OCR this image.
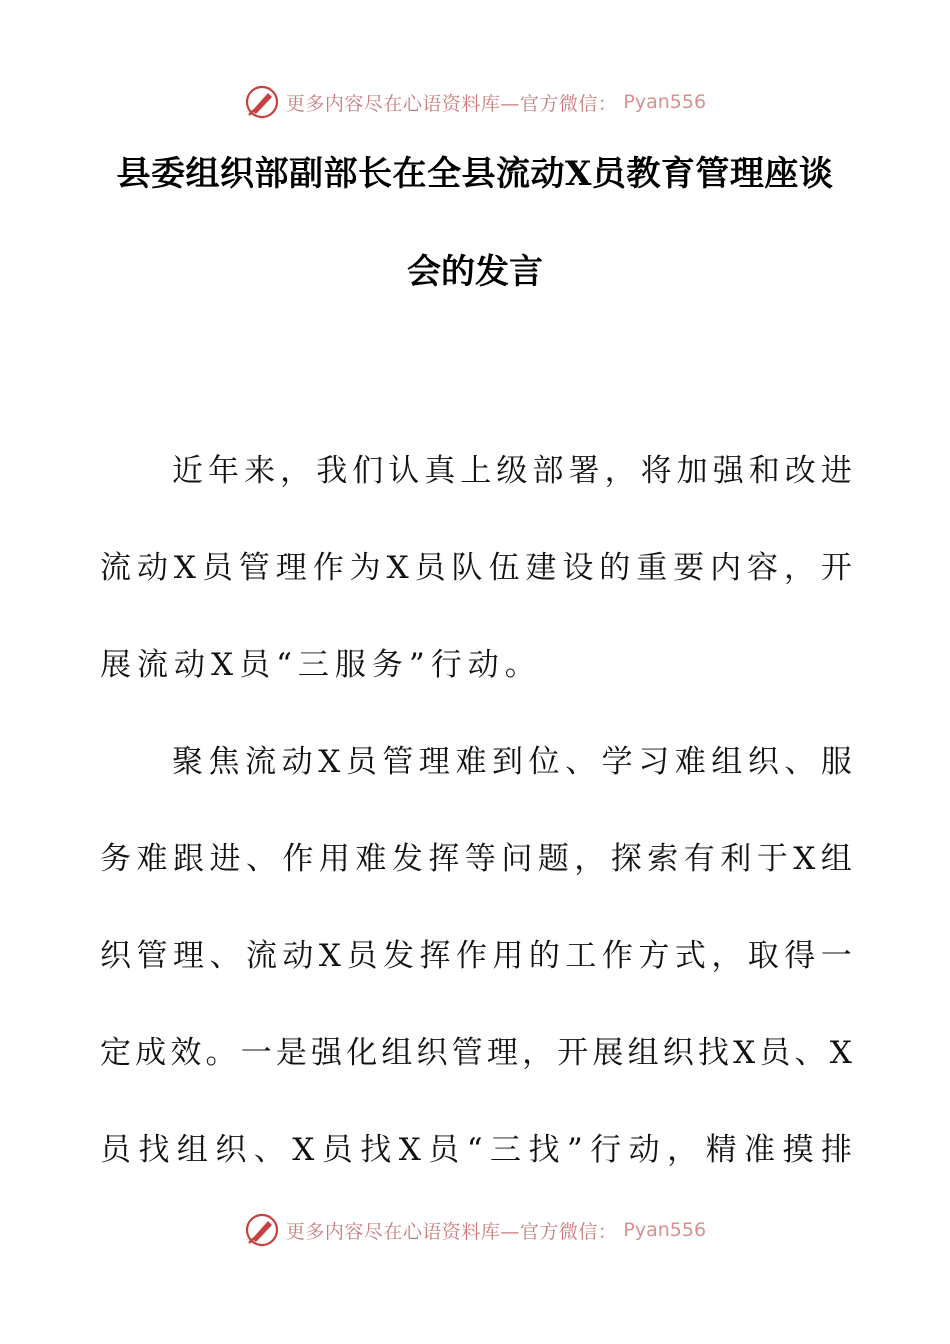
更多内容尽在心语资料库—官方微信： Pyan556
县委组织部副部长在全县流动X员教育管理座谈
会的发言
近 年 来 ， 我 们 认 真 上 级 部 署 ， 将 加 强 和 改 进
流 动 X 员 管 理 作 为 X 员 队 伍 建 设 的 重 要 内 容 ， 开
展流动X员“三服务”行动。
聚 焦 流 动 X 员 管 理 难 到 位 、 学 习 难 组 织 、 服
务 难 跟 进 、 作 用 难 发 挥 等 问 题 ， 探 索 有 利 于 X 组
织 管 理 、 流 动 X 员 发 挥 作 用 的 工 作 方 式 ， 取 得 一
定 成 效 。 一 是 强 化 组 织 管 理 ， 开 展 组 织 找 X 员 、 X
员 找 组 织 、 X 员 找 X 员 “ 三 找 ” 行 动 ， 精 准 摸 排
更多内容尽在心语资料库—官方微信： Pyan556
